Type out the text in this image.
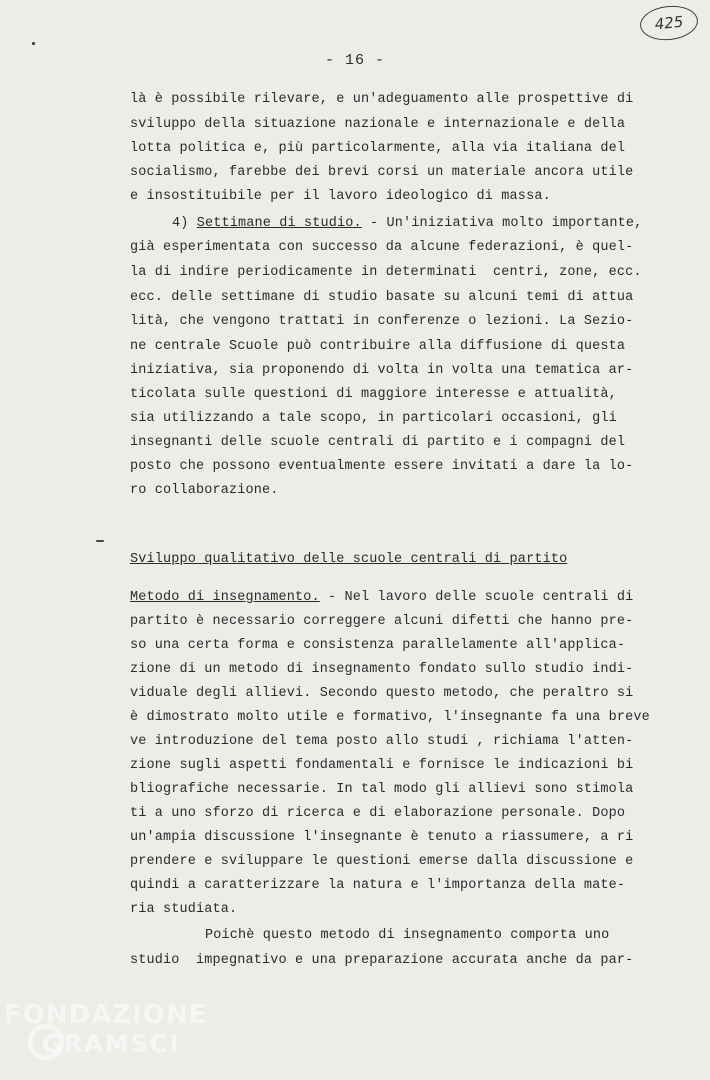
425
- 16 -
là è possibile rilevare, e un'adeguamento alle prospettive di
sviluppo della situazione nazionale e internazionale e della
lotta politica e, più particolarmente, alla via italiana del
socialismo, farebbe dei brevi corsi un materiale ancora utile
e insostituibile per il lavoro ideologico di massa.
4) Settimane di studio. - Un'iniziativa molto importante,
già esperimentata con successo da alcune federazioni, è quel-
la di indire periodicamente in determinati  centri, zone, ecc.
ecc. delle settimane di studio basate su alcuni temi di attua
lità, che vengono trattati in conferenze o lezioni. La Sezio-
ne centrale Scuole può contribuire alla diffusione di questa
iniziativa, sia proponendo di volta in volta una tematica ar-
ticolata sulle questioni di maggiore interesse e attualità,
sia utilizzando a tale scopo, in particolari occasioni, gli
insegnanti delle scuole centrali di partito e i compagni del
posto che possono eventualmente essere invitati a dare la lo-
ro collaborazione.
Sviluppo qualitativo delle scuole centrali di partito
Metodo di insegnamento. - Nel lavoro delle scuole centrali di
partito è necessario correggere alcuni difetti che hanno pre-
so una certa forma e consistenza parallelamente all'applica-
zione di un metodo di insegnamento fondato sullo studio indi-
viduale degli allievi. Secondo questo metodo, che peraltro si
è dimostrato molto utile e formativo, l'insegnante fa una breve
ve introduzione del tema posto allo studi , richiama l'atten-
zione sugli aspetti fondamentali e fornisce le indicazioni bi
bliografiche necessarie. In tal modo gli allievi sono stimola
ti a uno sforzo di ricerca e di elaborazione personale. Dopo
un'ampia discussione l'insegnante è tenuto a riassumere, a ri
prendere e sviluppare le questioni emerse dalla discussione e
quindi a caratterizzare la natura e l'importanza della mate-
ria studiata.
Poichè questo metodo di insegnamento comporta uno
studio  impegnativo e una preparazione accurata anche da par-
FONDAZIONE
GRAMSCI
